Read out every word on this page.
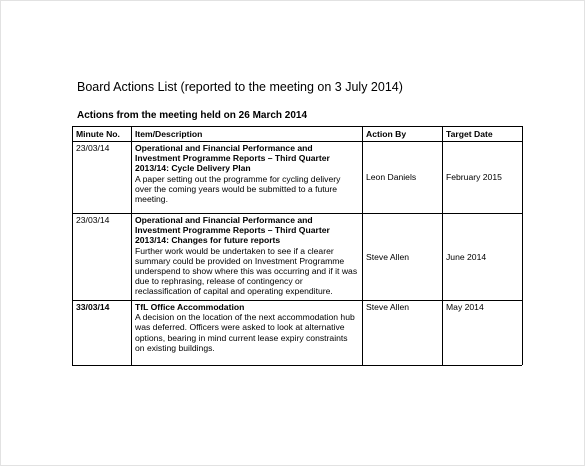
Board Actions List (reported to the meeting on 3 July 2014)
Actions from the meeting held on 26 March 2014
Minute No.	Item/Description	Action By	Target Date
23/03/14	Operational and Financial Performance and Investment Programme Reports – Third Quarter 2013/14: Cycle Delivery Plan
A paper setting out the programme for cycling delivery over the coming years would be submitted to a future meeting.	Leon Daniels	February 2015
23/03/14	Operational and Financial Performance and Investment Programme Reports – Third Quarter 2013/14: Changes for future reports
Further work would be undertaken to see if a clearer summary could be provided on Investment Programme underspend to show where this was occurring and if it was due to rephrasing, release of contingency or reclassification of capital and operating expenditure.	Steve Allen	June 2014
33/03/14	TfL Office Accommodation
A decision on the location of the next accommodation hub was deferred. Officers were asked to look at alternative options, bearing in mind current lease expiry constraints on existing buildings.	Steve Allen	May 2014
